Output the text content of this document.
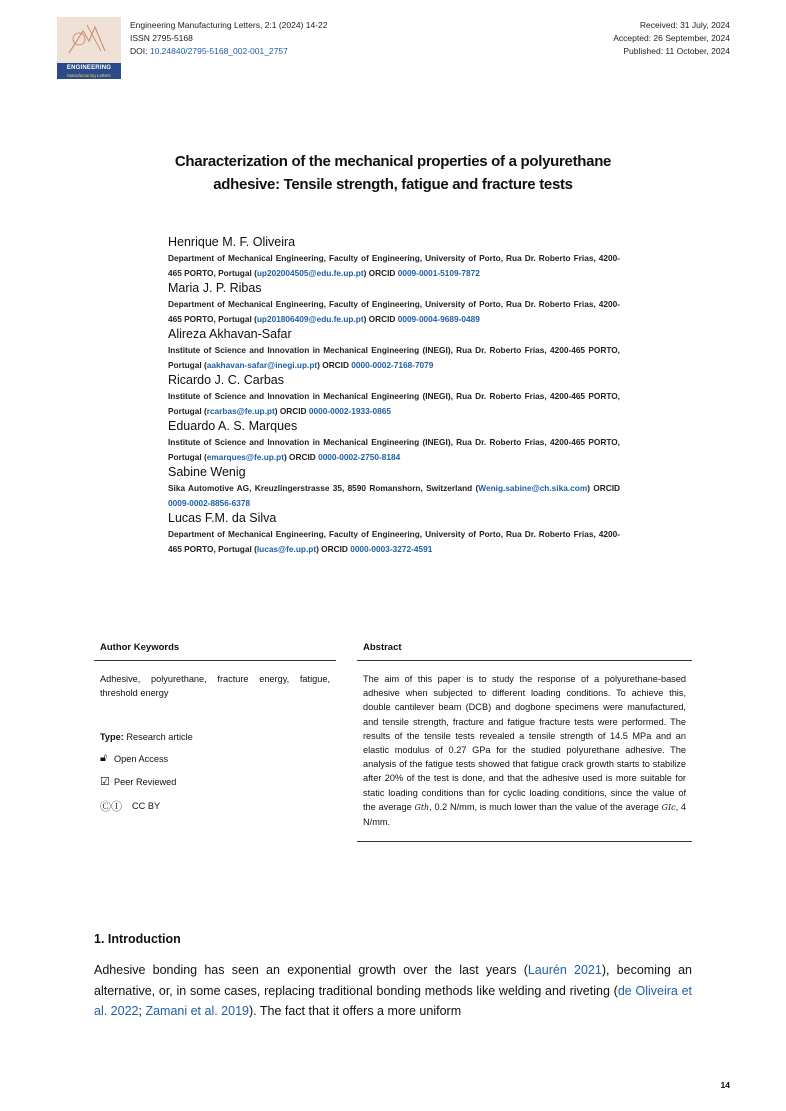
ENGINEERING
Manufacturing Letters
Engineering Manufacturing Letters, 2:1 (2024) 14-22
ISSN 2795-5168
DOI: 10.24840/2795-5168_002-001_2757
Received: 31 July, 2024
Accepted: 26 September, 2024
Published: 11 October, 2024
Characterization of the mechanical properties of a polyurethane adhesive: Tensile strength, fatigue and fracture tests

Henrique M. F. Oliveira

Department of Mechanical Engineering, Faculty of Engineering, University of Porto, Rua Dr. Roberto Frias, 4200-465 PORTO, Portugal (up202004505@edu.fe.up.pt) ORCID 0009-0001-5109-7872

Maria J. P. Ribas

Department of Mechanical Engineering, Faculty of Engineering, University of Porto, Rua Dr. Roberto Frias, 4200-465 PORTO, Portugal (up201806409@edu.fe.up.pt) ORCID 0009-0004-9689-0489

Alireza Akhavan-Safar

Institute of Science and Innovation in Mechanical Engineering (INEGI), Rua Dr. Roberto Frias, 4200-465 PORTO, Portugal (aakhavan-safar@inegi.up.pt) ORCID 0000-0002-7168-7079

Ricardo J. C. Carbas

Institute of Science and Innovation in Mechanical Engineering (INEGI), Rua Dr. Roberto Frias, 4200-465 PORTO, Portugal (rcarbas@fe.up.pt) ORCID 0000-0002-1933-0865

Eduardo A. S. Marques

Institute of Science and Innovation in Mechanical Engineering (INEGI), Rua Dr. Roberto Frias, 4200-465 PORTO, Portugal (emarques@fe.up.pt) ORCID 0000-0002-2750-8184

Sabine Wenig

Sika Automotive AG, Kreuzlingerstrasse 35, 8590 Romanshorn, Switzerland (Wenig.sabine@ch.sika.com) ORCID 0009-0002-8856-6378

Lucas F.M. da Silva

Department of Mechanical Engineering, Faculty of Engineering, University of Porto, Rua Dr. Roberto Frias, 4200-465 PORTO, Portugal (lucas@fe.up.pt) ORCID 0000-0003-3272-4591

Author Keywords
Adhesive, polyurethane, fracture energy, fatigue, threshold energy
Type: Research article
🔓︎ Open Access
☑ Peer Reviewed
ⒸⒾ	CC BY
Abstract
The aim of this paper is to study the response of a polyurethane-based adhesive when subjected to different loading conditions. To achieve this, double cantilever beam (DCB) and dogbone specimens were manufactured, and tensile strength, fracture and fatigue fracture tests were performed. The results of the tensile tests revealed a tensile strength of 14.5 MPa and an elastic modulus of 0.27 GPa for the studied polyurethane adhesive. The analysis of the fatigue tests showed that fatigue crack growth starts to stabilize after 20% of the test is done, and that the adhesive used is more suitable for static loading conditions than for cyclic loading conditions, since the value of the average Gth, 0.2 N/mm, is much lower than the value of the average GIc, 4 N/mm.
1. Introduction
Adhesive bonding has seen an exponential growth over the last years (Laurén 2021), becoming an alternative, or, in some cases, replacing traditional bonding methods like welding and riveting (de Oliveira et al. 2022; Zamani et al. 2019). The fact that it offers a more uniform
14
